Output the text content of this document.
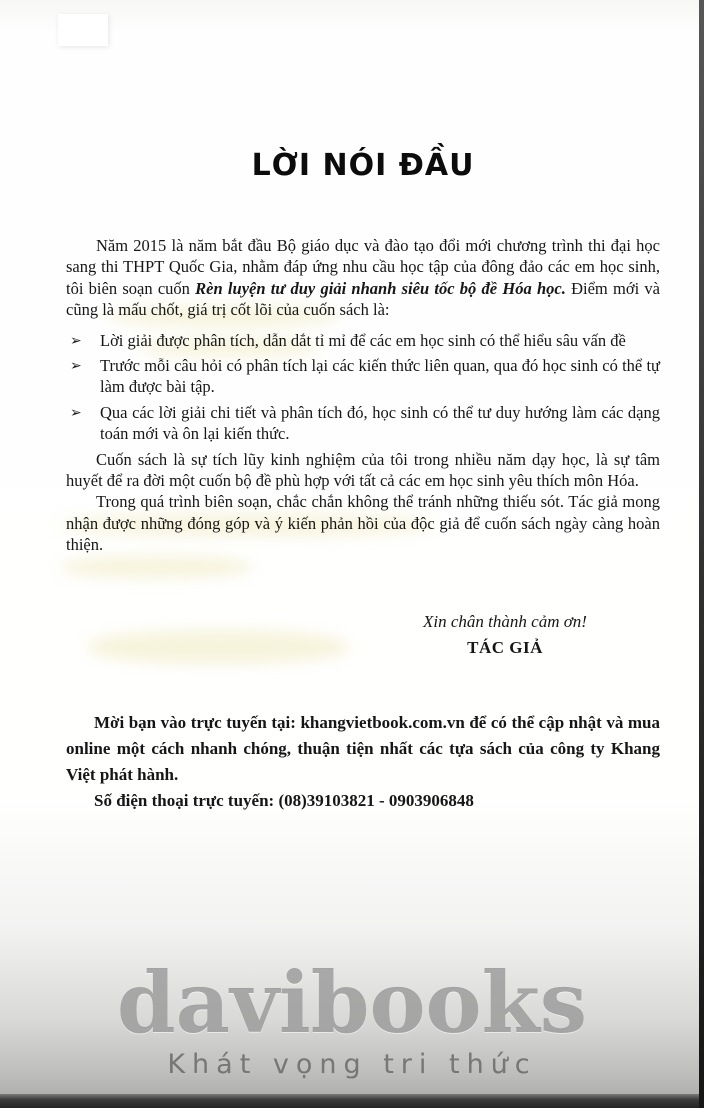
LỜI NÓI ĐẦU

Năm 2015 là năm bắt đầu Bộ giáo dục và đào tạo đổi mới chương trình thi đại học sang thi THPT Quốc Gia, nhằm đáp ứng nhu cầu học tập của đông đảo các em học sinh, tôi biên soạn cuốn Rèn luyện tư duy giải nhanh siêu tốc bộ đề Hóa học. Điểm mới và cũng là mấu chốt, giá trị cốt lõi của cuốn sách là:

➢ Lời giải được phân tích, dẫn dắt tỉ mỉ để các em học sinh có thể hiểu sâu vấn đề
➢ Trước mỗi câu hỏi có phân tích lại các kiến thức liên quan, qua đó học sinh có thể tự làm được bài tập.
➢ Qua các lời giải chi tiết và phân tích đó, học sinh có thể tư duy hướng làm các dạng toán mới và ôn lại kiến thức.

Cuốn sách là sự tích lũy kinh nghiệm của tôi trong nhiều năm dạy học, là sự tâm huyết để ra đời một cuốn bộ đề phù hợp với tất cả các em học sinh yêu thích môn Hóa.

Trong quá trình biên soạn, chắc chắn không thể tránh những thiếu sót. Tác giả mong nhận được những đóng góp và ý kiến phản hồi của độc giả để cuốn sách ngày càng hoàn thiện.

Xin chân thành cảm ơn!

TÁC GIẢ

Mời bạn vào trực tuyến tại: khangvietbook.com.vn để có thể cập nhật và mua online một cách nhanh chóng, thuận tiện nhất các tựa sách của công ty Khang Việt phát hành.

Số điện thoại trực tuyến: (08)39103821 - 0903906848

davibooks
Khát vọng tri thức
